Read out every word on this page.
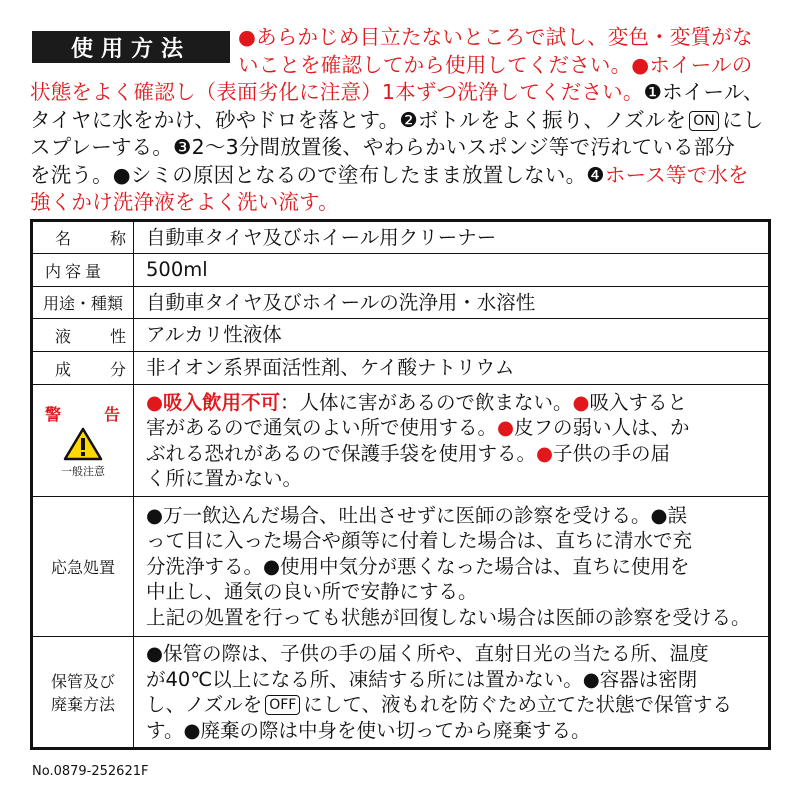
使用方法	●あらかじめ目立たないところで試し、変色・変質がな
いことを確認してから使用してください。●ホイールの
状態をよく確認し（表面劣化に注意）1本ずつ洗浄してください。❶ホイール、
タイヤに水をかけ、砂やドロを落とす。❷ボトルをよく振り、ノズルを ON にし
スプレーする。❸2～3分間放置後、やわらかいスポンジ等で汚れている部分
を洗う。●シミの原因となるので塗布したまま放置しない。❹ホース等で水を
強くかけ洗浄液をよく洗い流す。
名 称	自動車タイヤ及びホイール用クリーナー

内容量	500ml
用途・種類	自動車タイヤ及びホイールの洗浄用・水溶性

液 性	アルカリ性液体

成 分	非イオン系界面活性剤、ケイ酸ナトリウム

警 告
一般注意	●吸入飲用不可：人体に害があるので飲まない。●吸入すると
害があるので通気のよい所で使用する。●皮フの弱い人は、か
ぶれる恐れがあるので保護手袋を使用する。●子供の手の届
く所に置かない。

応急処置	●万一飲込んだ場合、吐出させずに医師の診察を受ける。●誤
って目に入った場合や顔等に付着した場合は、直ちに清水で充
分洗浄する。●使用中気分が悪くなった場合は、直ちに使用を
中止し、通気の良い所で安静にする。
上記の処置を行っても状態が回復しない場合は医師の診察を受ける。

保管及び
廃棄方法	●保管の際は、子供の手の届く所や、直射日光の当たる所、温度
が40℃以上になる所、凍結する所には置かない。●容器は密閉
し、ノズルを OFF にして、液もれを防ぐため立てた状態で保管する
す。●廃棄の際は中身を使い切ってから廃棄する。
No.0879-252621F
